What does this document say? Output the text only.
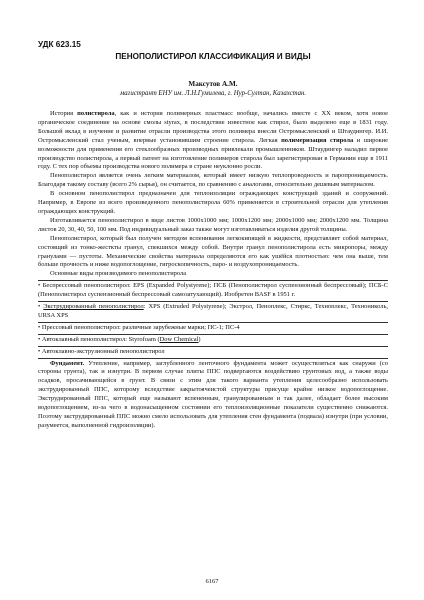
УДК 623.15
ПЕНОПОЛИСТИРОЛ КЛАССИФИКАЦИЯ И ВИДЫ
Максутов А.М.
магистрант ЕНУ им. Л.Н.Гумилева, г. Нур-Султан, Казахстан.

История полистирола, как и история полимерных пластмасс вообще, начались вместе с XX веком, хотя новое органическое соединение на основе смолы styrax, в последствие известное как стирол, было выделено еще в 1831 году. Большой вклад в изучение и развитие отрасли производства этого полимера внесли Остромысленский и Штаудингер. И.И. Остромысленский стал ученым, впервые установившим строение стирола. Легкая полимеризация стирола и широкие возможности для применения его стеклообразных производных привлекали промышленников. Штаудингер наладил первое производство полистирола, а первый патент на изготовление полимеров стирола был зарегистрирован в Германии еще в 1911 году. С тех пор объемы производства нового полимера в стране неуклонно росли.

Пенополистирол является очень легким материалом, который имеет низкую теплопроводность и паропроницаемость. Благодаря такому составу (всего 2% сырья), он считается, по сравнению с аналогами, относительно дешевым материалом.

В основном пенополистирол предназначен для теплоизоляции ограждающих конструкций зданий и сооружений. Например, в Европе из всего произведенного пенополистирола 60% применяется в строительной отрасли для утепления ограждающих конструкций.

Изготавливается пенополистирол в виде листов 1000х1000 мм; 1000х1200 мм; 2000х1000 мм; 2000х1200 мм. Толщина листов 20, 30, 40, 50, 100 мм. Под индивидуальный заказ также могут изготавливаться изделия другой толщины.

Пенополистирол, который был получен методом вспенивания легкокипящей в жидкости, представляет собой материал, состоящий из тонко-жесткты гранул, спекшихся между собой. Внутри гранул пенополистирола есть микропоры, между гранулами — пустоты. Механические свойства материала определяются его как ушёйся плотностью: чем она выше, тем больше прочность и ниже водопоглощение, гигроскопичность, паро- и воздухопроницаемость.

Основные виды производимого пенополистирола

• Беспрессовый пенополистирол: EPS (Expanded Polystyrene); ПСБ (Пенополистирол суспензионный беспрессовый); ПСБ-С (Пенополистирол суспензионный беспрессовый самозатухающий). Изобретен BASF в 1951 г.

• Экструдированный пенополистирол: XPS (Extruded Polystyrene); Экстрол, Пеноплекс, Стиркс, Техноплекс, Технониколь, URSA XPS

• Прессовый пенополистирол: различные зарубежные марки; ПС-1; ПС-4

• Автоклавный пенополистирол: Styrofoam (Dow Chemical)

• Автоклавно-экструзионный пенополистирол

Фундамент. Утепление, например, заглубленного ленточного фундамента может осуществляться как снаружи (со стороны грунта), так и изнутри. В первом случае плиты ППС подвергаются воздействию грунтовых вод, а также воды осадков, просачивающейся в грунт. В связи с этим для такого варианта утепления целесообразно использовать экструдированный ППС, которому вследствие закрытоячеистой структуры присуще крайне низкое водопоглощение. Экструдированный ППС, который еще называют вспененным, гранулированным и так далее, обладает более высоким водопоглощением, из-за чего в водонасыщенном состоянии его теплоизоляционные показатели существенно снижаются. Поэтому экструдированный ППС можно смело использовать для утепления стен фундамента (подвала) изнутри (при условии, разумеется, выполненной гидроизоляции).

6167
